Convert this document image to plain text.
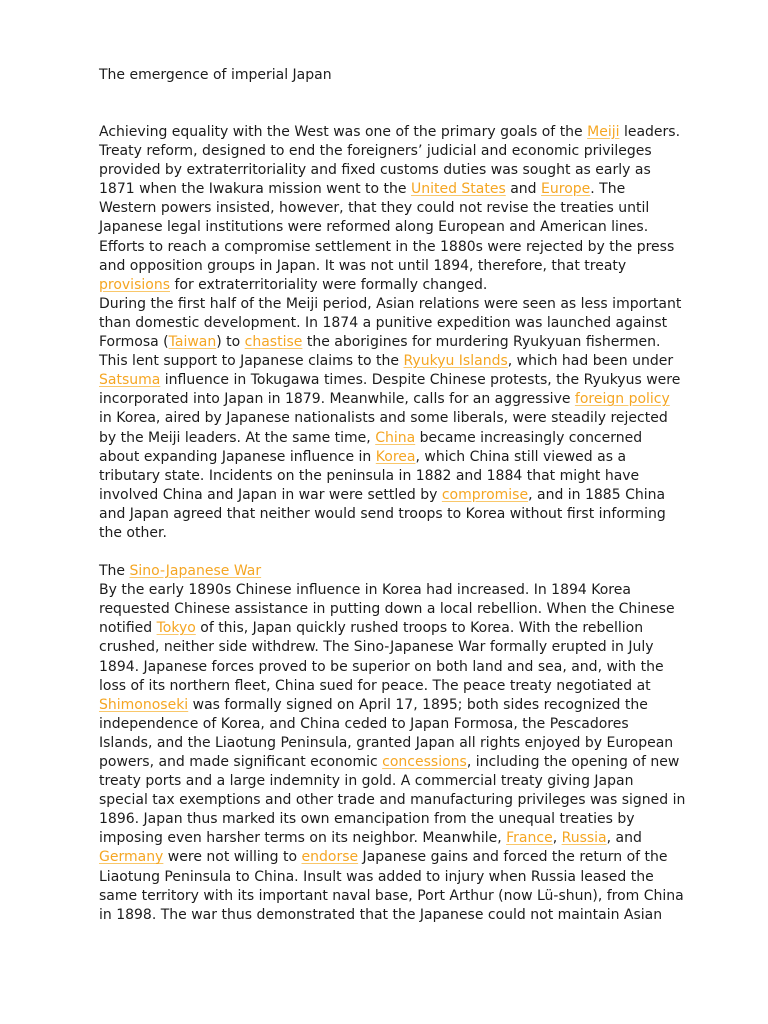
The emergence of imperial Japan

Achieving equality with the West was one of the primary goals of the Meiji leaders. Treaty reform, designed to end the foreigners’ judicial and economic privileges provided by extraterritoriality and fixed customs duties was sought as early as 1871 when the Iwakura mission went to the United States and Europe. The Western powers insisted, however, that they could not revise the treaties until Japanese legal institutions were reformed along European and American lines. Efforts to reach a compromise settlement in the 1880s were rejected by the press and opposition groups in Japan. It was not until 1894, therefore, that treaty provisions for extraterritoriality were formally changed.

During the first half of the Meiji period, Asian relations were seen as less important than domestic development. In 1874 a punitive expedition was launched against Formosa (Taiwan) to chastise the aborigines for murdering Ryukyuan fishermen. This lent support to Japanese claims to the Ryukyu Islands, which had been under Satsuma influence in Tokugawa times. Despite Chinese protests, the Ryukyus were incorporated into Japan in 1879. Meanwhile, calls for an aggressive foreign policy in Korea, aired by Japanese nationalists and some liberals, were steadily rejected by the Meiji leaders. At the same time, China became increasingly concerned about expanding Japanese influence in Korea, which China still viewed as a tributary state. Incidents on the peninsula in 1882 and 1884 that might have involved China and Japan in war were settled by compromise, and in 1885 China and Japan agreed that neither would send troops to Korea without first informing the other.

The Sino-Japanese War

By the early 1890s Chinese influence in Korea had increased. In 1894 Korea requested Chinese assistance in putting down a local rebellion. When the Chinese notified Tokyo of this, Japan quickly rushed troops to Korea. With the rebellion crushed, neither side withdrew. The Sino-Japanese War formally erupted in July 1894. Japanese forces proved to be superior on both land and sea, and, with the loss of its northern fleet, China sued for peace. The peace treaty negotiated at Shimonoseki was formally signed on April 17, 1895; both sides recognized the independence of Korea, and China ceded to Japan Formosa, the Pescadores Islands, and the Liaotung Peninsula, granted Japan all rights enjoyed by European powers, and made significant economic concessions, including the opening of new treaty ports and a large indemnity in gold. A commercial treaty giving Japan special tax exemptions and other trade and manufacturing privileges was signed in 1896. Japan thus marked its own emancipation from the unequal treaties by imposing even harsher terms on its neighbor. Meanwhile, France, Russia, and Germany were not willing to endorse Japanese gains and forced the return of the Liaotung Peninsula to China. Insult was added to injury when Russia leased the same territory with its important naval base, Port Arthur (now Lü-shun), from China in 1898. The war thus demonstrated that the Japanese could not maintain Asian
